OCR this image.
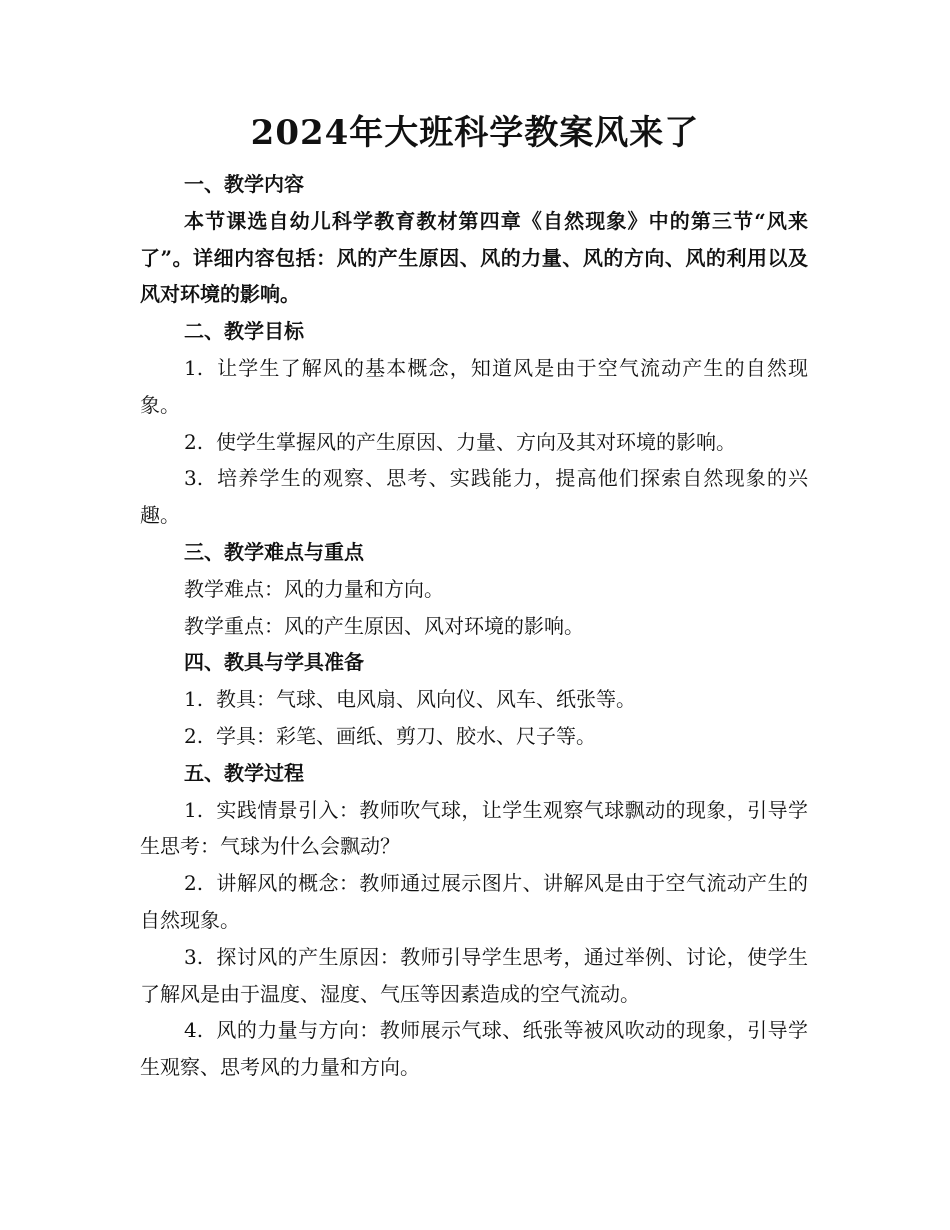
2024年大班科学教案风来了

一、教学内容

本节课选自幼儿科学教育教材第四章《自然现象》中的第三节“风来了”。详细内容包括：风的产生原因、风的力量、风的方向、风的利用以及风对环境的影响。

二、教学目标

1. 让学生了解风的基本概念，知道风是由于空气流动产生的自然现象。

2. 使学生掌握风的产生原因、力量、方向及其对环境的影响。

3. 培养学生的观察、思考、实践能力，提高他们探索自然现象的兴趣。

三、教学难点与重点

教学难点：风的力量和方向。

教学重点：风的产生原因、风对环境的影响。

四、教具与学具准备

1. 教具：气球、电风扇、风向仪、风车、纸张等。

2. 学具：彩笔、画纸、剪刀、胶水、尺子等。

五、教学过程

1. 实践情景引入：教师吹气球，让学生观察气球飘动的现象，引导学生思考：气球为什么会飘动？

2. 讲解风的概念：教师通过展示图片、讲解风是由于空气流动产生的自然现象。

3. 探讨风的产生原因：教师引导学生思考，通过举例、讨论，使学生了解风是由于温度、湿度、气压等因素造成的空气流动。

4. 风的力量与方向：教师展示气球、纸张等被风吹动的现象，引导学生观察、思考风的力量和方向。
